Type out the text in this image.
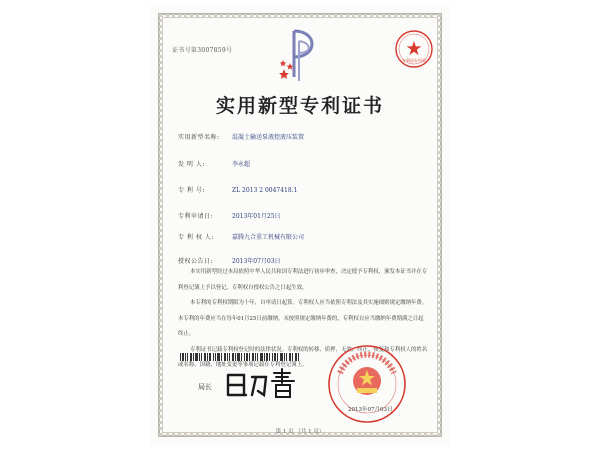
证书号第3007859号
专利局专用章
实用新型专利证书
实用新型名称: 混凝土输送泵液控液压装置
发 明 人:	李永超
专 利 号:	ZL 2013 2 0047418.1
专利申请日:	2013年01月25日
专 利 权 人:	嘉腾九合重工机械有限公司
授权公告日:	2013年07月03日

本实用新型经过本局依照中华人民共和国专利法进行初步审查，决定授予专利权，颁发本证书并在专利登记簿上予以登记。专利权自授权公告之日起生效。

本专利的专利权期限为十年，自申请日起算。专利权人应当依照专利法及其实施细则规定缴纳年费。本专利的年费应当在每年01月25日前缴纳。未按照规定缴纳年费的，专利权自应当缴纳年费期满之日起终止。

专利证书记载专利权登记时的法律状况。专利权的转移、质押、无效、终止、恢复和专利权人的姓名或名称、国籍、地址变更等事项记载在专利登记簿上。

局长
2013年07月03日
第 1 页 （共 1 页）
